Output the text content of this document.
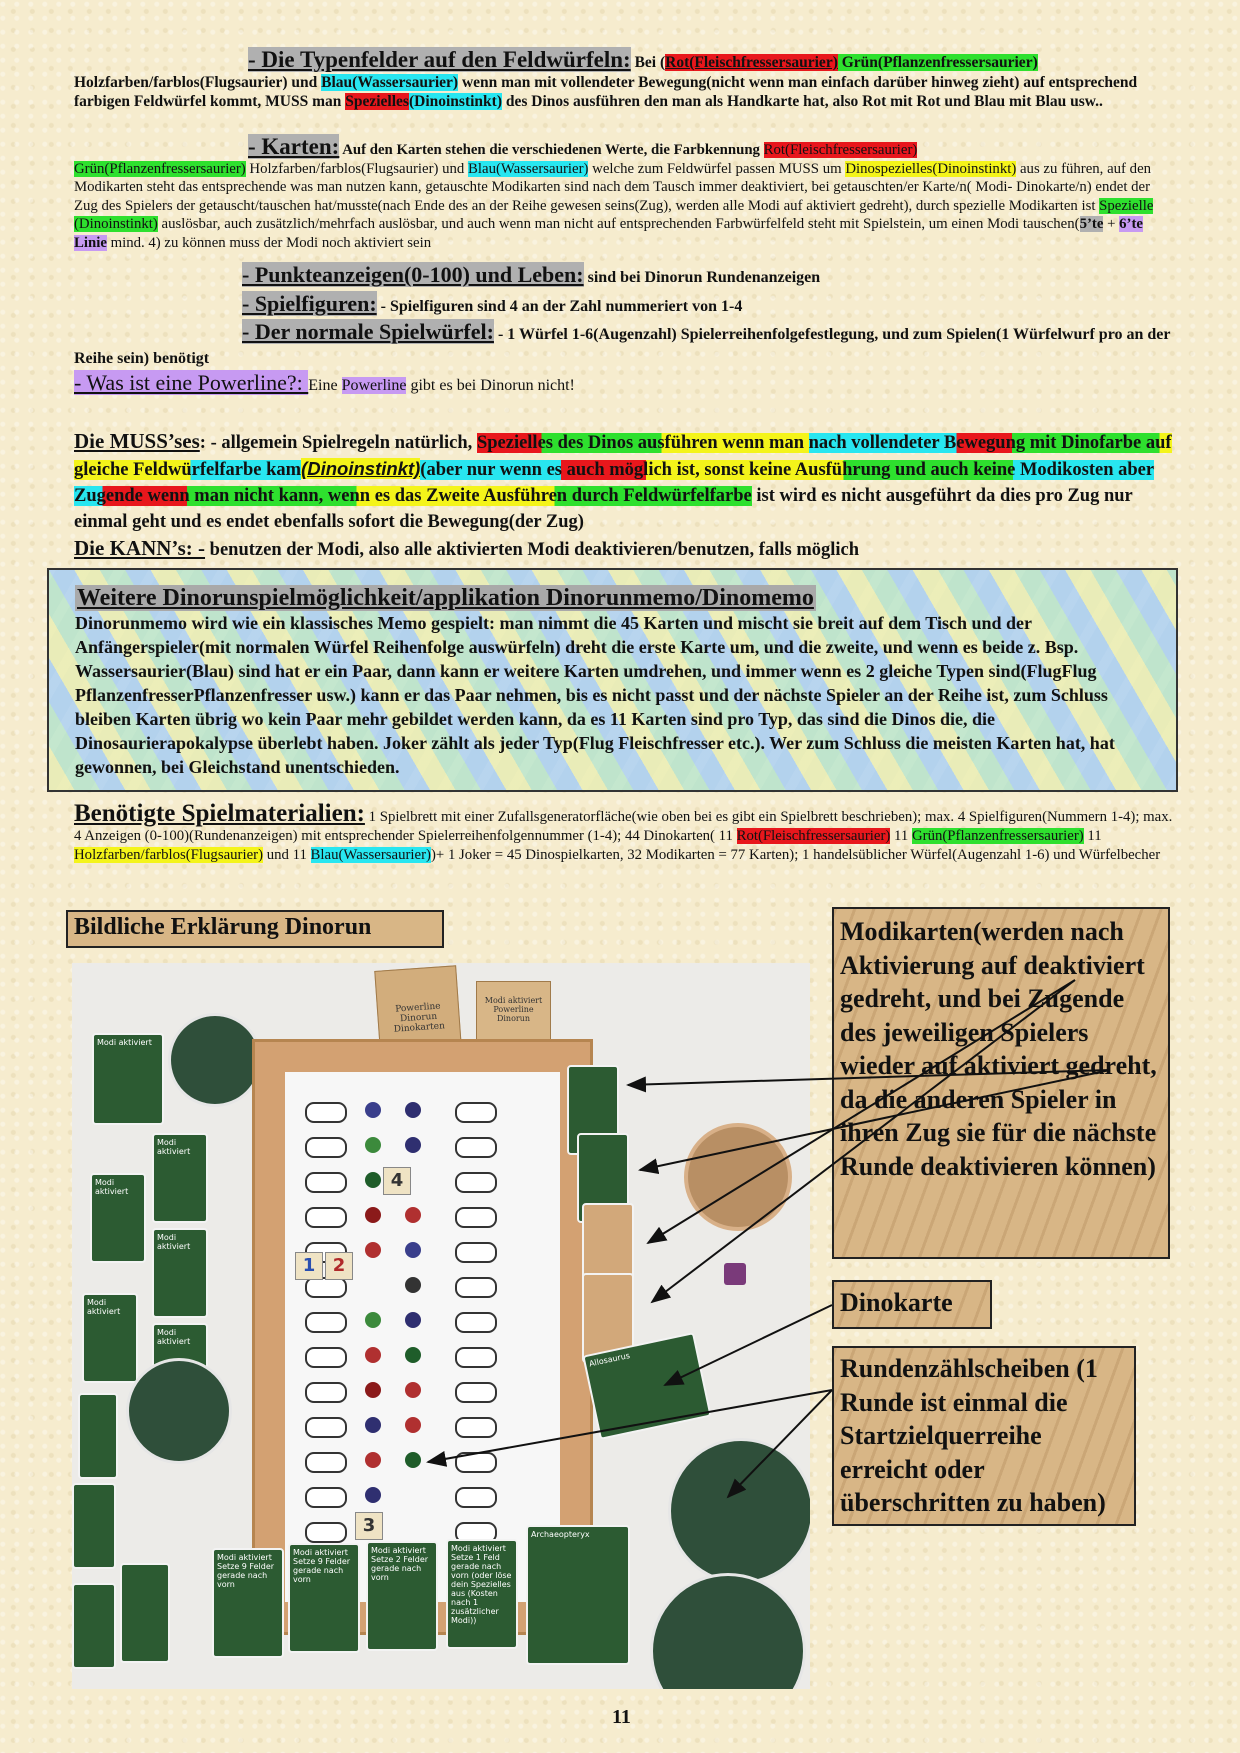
- Die Typenfelder auf den Feldwürfeln: Bei (Rot(Fleischfressersaurier) Grün(Pflanzenfressersaurier)
Holzfarben/farblos(Flugsaurier) und Blau(Wassersaurier) wenn man mit vollendeter Bewegung(nicht wenn man einfach darüber hinweg zieht) auf entsprechend farbigen Feldwürfel kommt, MUSS man Spezielles(Dinoinstinkt) des Dinos ausführen den man als Handkarte hat, also Rot mit Rot und Blau mit Blau usw..
- Karten: Auf den Karten stehen die verschiedenen Werte, die Farbkennung Rot(Fleischfressersaurier)
Grün(Pflanzenfressersaurier) Holzfarben/farblos(Flugsaurier) und Blau(Wassersaurier) welche zum Feldwürfel passen MUSS um Dinospezielles(Dinoinstinkt) aus zu führen, auf den Modikarten steht das entsprechende was man nutzen kann, getauschte Modikarten sind nach dem Tausch immer deaktiviert, bei getauschten/er Karte/n( Modi- Dinokarte/n) endet der Zug des Spielers der getauscht/tauschen hat/musste(nach Ende des an der Reihe gewesen seins(Zug), werden alle Modi auf aktiviert gedreht), durch spezielle Modikarten ist Spezielle (Dinoinstinkt) auslösbar, auch zusätzlich/mehrfach auslösbar, und auch wenn man nicht auf entsprechenden Farbwürfelfeld steht mit Spielstein, um einen Modi tauschen(5’te + 6’te Linie mind. 4) zu können muss der Modi noch aktiviert sein
- Punkteanzeigen(0-100) und Leben: sind bei Dinorun Rundenanzeigen
- Spielfiguren: - Spielfiguren sind 4 an der Zahl nummeriert von 1-4
- Der normale Spielwürfel: - 1 Würfel 1-6(Augenzahl) Spielerreihenfolgefestlegung, und zum Spielen(1 Würfelwurf pro an der Reihe sein) benötigt
- Was ist eine Powerline?: Eine Powerline gibt es bei Dinorun nicht!
Die MUSS’ses: - allgemein Spielregeln natürlich, Spezielles des Dinos ausführen wenn man nach vollendeter Bewegung mit Dinofarbe auf gleiche Feldwürfelfarbe kam(Dinoinstinkt)(aber nur wenn es auch möglich ist, sonst keine Ausführung und auch keine Modikosten aber Zugende wenn man nicht kann, wenn es das Zweite Ausführen durch Feldwürfelfarbe ist wird es nicht ausgeführt da dies pro Zug nur einmal geht und es endet ebenfalls sofort die Bewegung(der Zug)
Die KANN’s: - benutzen der Modi, also alle aktivierten Modi deaktivieren/benutzen, falls möglich
Weitere Dinorunspielmöglichkeit/applikation Dinorunmemo/Dinomemo
Dinorunmemo wird wie ein klassisches Memo gespielt: man nimmt die 45 Karten und mischt sie breit auf dem Tisch und der Anfängerspieler(mit normalen Würfel Reihenfolge auswürfeln) dreht die erste Karte um, und die zweite, und wenn es beide z. Bsp. Wassersaurier(Blau) sind hat er ein Paar, dann kann er weitere Karten umdrehen, und immer wenn es 2 gleiche Typen sind(FlugFlug PflanzenfresserPflanzenfresser usw.) kann er das Paar nehmen, bis es nicht passt und der nächste Spieler an der Reihe ist, zum Schluss bleiben Karten übrig wo kein Paar mehr gebildet werden kann, da es 11 Karten sind pro Typ, das sind die Dinos die, die Dinosaurierapokalypse überlebt haben. Joker zählt als jeder Typ(Flug Fleischfresser etc.). Wer zum Schluss die meisten Karten hat, hat gewonnen, bei Gleichstand unentschieden.
Benötigte Spielmaterialien: 1 Spielbrett mit einer Zufallsgeneratorfläche(wie oben bei es gibt ein Spielbrett beschrieben); max. 4 Spielfiguren(Nummern 1-4); max. 4 Anzeigen (0-100)(Rundenanzeigen) mit entsprechender Spielerreihenfolgennummer (1-4); 44 Dinokarten( 11 Rot(Fleischfressersaurier) 11 Grün(Pflanzenfressersaurier) 11 Holzfarben/farblos(Flugsaurier) und 11 Blau(Wassersaurier))+ 1 Joker = 45 Dinospielkarten, 32 Modikarten = 77 Karten); 1 handelsüblicher Würfel(Augenzahl 1-6) und Würfelbecher
Bildliche Erklärung Dinorun
Powerline Dinorun Dinokarten
Modi aktiviert Powerline Dinorun
Modi aktiviert
Modi aktiviert
Modi aktiviert
Modi aktiviert
Modi aktiviert
Modi aktiviert
1 2
4
3
Allosaurus
Modi aktiviert
Setze 9 Felder gerade nach vorn
Modi aktiviert
Setze 9 Felder gerade nach vorn
Modi aktiviert
Setze 2 Felder gerade nach vorn
Modi aktiviert
Setze 1 Feld gerade nach vorn (oder löse dein Spezielles aus (Kosten nach 1 zusätzlicher Modi))
Archaeopteryx
Modikarten(werden nach Aktivierung auf deaktiviert gedreht, und bei Zugende des jeweiligen Spielers wieder auf aktiviert gedreht, da die anderen Spieler in ihren Zug sie für die nächste Runde deaktivieren können)
Dinokarte
Rundenzählscheiben (1 Runde ist einmal die Startzielquerreihe erreicht oder überschritten zu haben)
11
